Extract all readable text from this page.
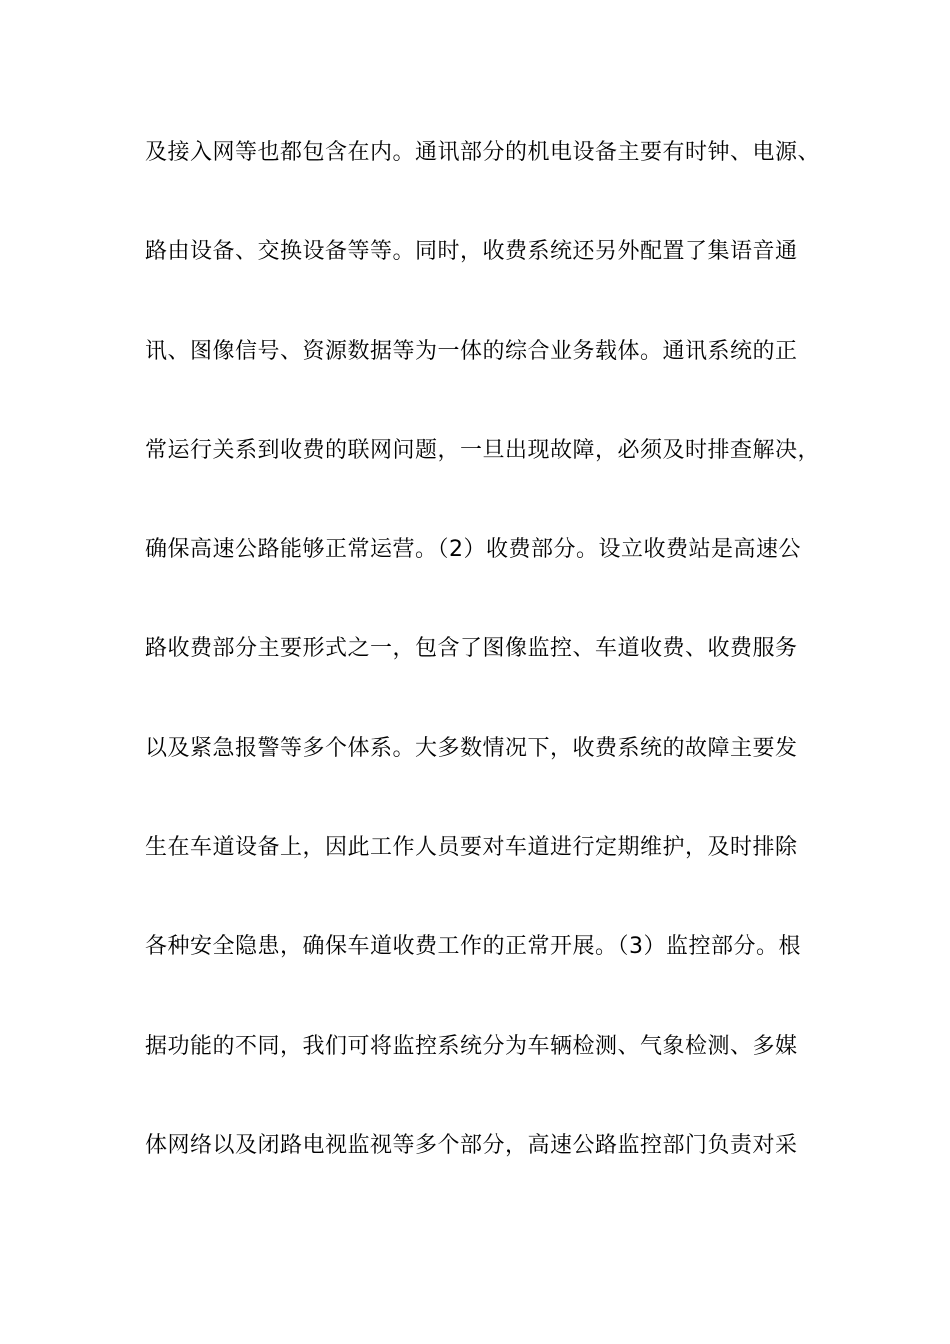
及接入网等也都包含在内。通讯部分的机电设备主要有时钟、电源、
路由设备、交换设备等等。同时，收费系统还另外配置了集语音通
讯、图像信号、资源数据等为一体的综合业务载体。通讯系统的正
常运行关系到收费的联网问题，一旦出现故障，必须及时排查解决，
确保高速公路能够正常运营。（2）收费部分。设立收费站是高速公
路收费部分主要形式之一，包含了图像监控、车道收费、收费服务
以及紧急报警等多个体系。大多数情况下，收费系统的故障主要发
生在车道设备上，因此工作人员要对车道进行定期维护，及时排除
各种安全隐患，确保车道收费工作的正常开展。（3）监控部分。根
据功能的不同，我们可将监控系统分为车辆检测、气象检测、多媒
体网络以及闭路电视监视等多个部分，高速公路监控部门负责对采
